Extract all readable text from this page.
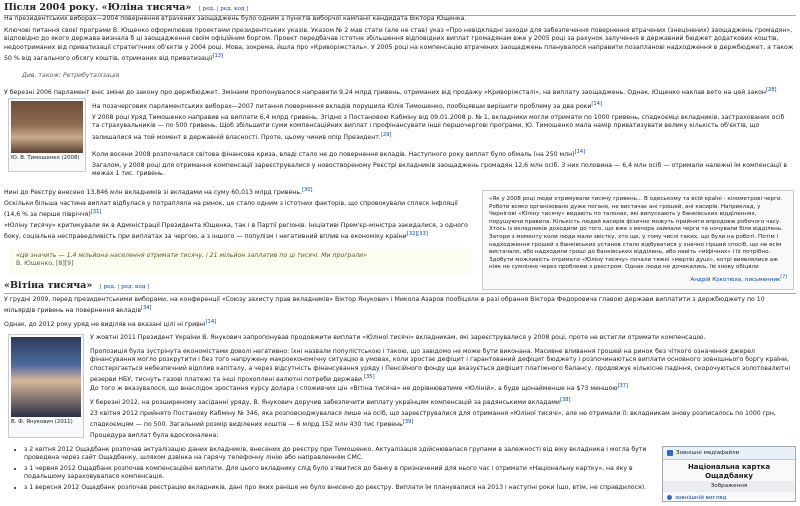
Після 2004 року. «Юліна тисяча» [ ред. | ред. код ]

На президентських виборах—2004 повернення втрачених заощаджень було одним з пунктів виборчої кампанії кандидата Віктора Ющенка.

Ключові питання своєї програми В. Ющенко оформлював проектами президентських указів. Указом № 2 мав стати (але не став) указ «Про невідкладні заходи для забезпечення повернення втрачених (знецінених) заощаджень громадян», відповідно до якого держава визнала б ці заощадження своїм офіційним боргом. Проект передбачав істотне збільшення відповідних виплат громадянам вже у 2005 році за рахунок залучення в державний бюджет додаткових коштів, недоотриманих від приватизації стратегічних об'єктів у 2004 році. Мова, зокрема, йшла про «Криворіжсталь». У 2005 році на компенсацію втрачених заощаджень планувалося направити позапланові надходження в держбюджет, а також 50 % від загального обсягу коштів, отриманих від приватизації[13]

Див. також: Ретрибуталізація

У березні 2006 парламент вніс зміни до закону про держбюджет. Змінами пропонувалося направити 9,24 млрд гривень, отриманих від продажу «Криворіжсталі», на виплату заощаджень. Однак, Ющенко наклав вето на цей закон[28]

Ю. В. Тимошенко (2008)

На позачергових парламентських виборах—2007 питання повернення вкладів порушила Юлія Тимошенко, пообіцявши вирішити проблему за два роки[14]

У 2008 році Уряд Тимошенко направив на виплати 6,4 млрд гривень. Згідно з Постановою Кабміну від 09.01.2008 р. № 1, вкладники могли отримати по 1000 гривень, спадкоємці вкладників, застрахованих осіб та страхувальників — по 500 гривень. Щоб збільшити суми компенсаційних виплат і профінансувати інші першочергові програми, Ю. Тимошенко мала намір приватизувати велику кількість об'єктів, що залишалися на той момент в державній власності. Проте, цьому чинив опір Президент.[29]

Коли восени 2008 розпочалася світова фінансова криза, владі стало не до повернення вкладів. Наступного року виплат було обмаль (на 250 млн)[14]

Загалом, у 2008 році для отримання компенсації зареєструвалися у новоствореному Реєстрі вкладників заощаджень громадян 12,6 млн осіб. З них половина — 6,4 млн осіб — отримали належні їм компенсації в межах 1 тис. гривень.

Нині до Реєстру внесено 13,846 млн вкладників зі вкладами на суму 60,013 млрд гривень.[30]

Оскільки більша частина виплат відбулася у потрапляла на ринок, це стало одним з істотних факторів, що спровокували сплеск інфляції (14,6 % за перше півріччя)[31]

«Юліну тисячу» критикували як в Адміністрації Президента Ющенка, так і в Партії регіонів. Ініціативі Прем'єр-міністра закидалися, з одного боку, соціальна несправедливість при виплатах за чергою, а з іншого — популізм і негативний вплив на економіку країни[32][33]

«Це значить — 1,4 мільйона населення отримати тисячу, і 21 мільйон заплатив по ці тисячі. Ми програли»
В. Ющенко, [8][9]
«Як у 2008 році люди отримували тисячу гривень... В одеському та всій країні - кілометрові черги. Роботи всяко організовано дуже погано, не вистачає ані грошей, ані касирів. Наприклад, у Чернігові «Юліну тисячу» видають по талонах, які випускають у банківських відділеннях, порушуючи правила. Кількість людей касирів фізично можуть прийняти впродовж робочого часу. Хтось із вкладників доходили до того, що вже з вечора займали черги та ночували біля відділень. Затори з моменту коли люди мали звістку, хто ще, у тому числі таких, що були на роботі. Потім і надходження грошей з банківських установ стало відбуватися у значно гірший спосіб, що не всім вистачало, або надходили гроші до банківських відділень, або навіть «міфічних» і їх потрібно. Здобути можливість отримати «Юліну тисячу» почали тяжкі «мертві душі», котрі виявлялися аж ніяк не сумлінно через проблеми з реєстром. Однак люди не дочекались, їм знову обіцяли
Андрій Кокотюха, письменник[7]
«Вітіна тисяча» [ ред. | ред. код ]

У грудні 2009, перед президентськими виборами, на конференції «Союзу захисту прав вкладників» Віктор Янукович і Микола Азаров пообіцяли в разі обрання Віктора Федоровича главою держави виплатити з держбюджету по 10 мільярдів гривень на повернення вкладів[34]

Однак, до 2012 року уряд не виділяв на вказані цілі ні гривні[14]

В. Ф. Янукович (2011)

У жовтні 2011 Президент України В. Янукович запропонував продовжити виплати «Юліної тисячі» вкладникам, які зареєструвалися у 2008 році, проте не встигли отримати компенсацію.

Пропозиція була зустрінута економістами доволі негативно: їхні назвали популістською і такою, що завідомо не може бути виконана. Масивне вливання грошей на ринок без чіткого означення джерел фінансування могло розкрутити і без того напружену макроекономічну ситуацію в умовах, коли зростає дефіцит і гарантований дефіцит бюджету і розпочинаються виплати основного зовнішнього боргу країни, спостерігається небезпечний відплив капіталу, а через відсутність фінансування уряду і Пенсійного фонду ще вказується дефіцит платіжного балансу, продовжує кількісне падіння, скорочуються золотовалютні резерви НБУ, тиснуть газові платежі та інші прохоплені валютні потреби держави.[35]

До того ж вказувалося, що внаслідок зростання курсу долара і споживчих цін «Вітіна тисяча» не дорівнюватиме «Юліній», а буде щонайменше на $73 меншою[37]

У березні 2012, на розширеному засіданні уряду, В. Янукович доручив забезпечити виплату українцям компенсацій за радянськими вкладами[38]

23 квітня 2012 прийнято Постанову Кабміну № 346, яка розповсюджувалася лише на осіб, що зареєструвалися для отримання «Юліної тисячі», але не отримали її: вкладникам знову розписалось по 1000 грн, спадкоємцям — по 500. Загальний розмір виділених коштів — 6 млрд 152 млн 430 тис гривень[39]

Процедура виплат була вдосконалена:

• з 2 квітня 2012 Ощадбанк розпочав актуалізацію даних вкладників, внесених до реєстру при Тимошенко. Актуалізація здійснювалася групами в залежності від віку вкладника і могла бути проведена через сайт Ощадбанку, шляхом дзвінка на гарячу телефонну лінію або направленням СМС.
• з 1 червня 2012 Ощадбанк розпочав компенсаційні виплати. Для цього вкладнику слід було з'явитися до банку в призначений для нього час і отримати «Національну картку», на яку в подальшому зараховувалася компенсація.
• з 1 вересня 2012 Ощадбанк розпочав реєстрацію вкладників, дані про яких раніше не було внесено до реєстру. Виплати їм планувалися на 2013 і наступні роки (що, втім, не справдилося).
Зовнішні медіафайли
Національна картка Ощадбанку
Зображення
зовнішній вигляд
